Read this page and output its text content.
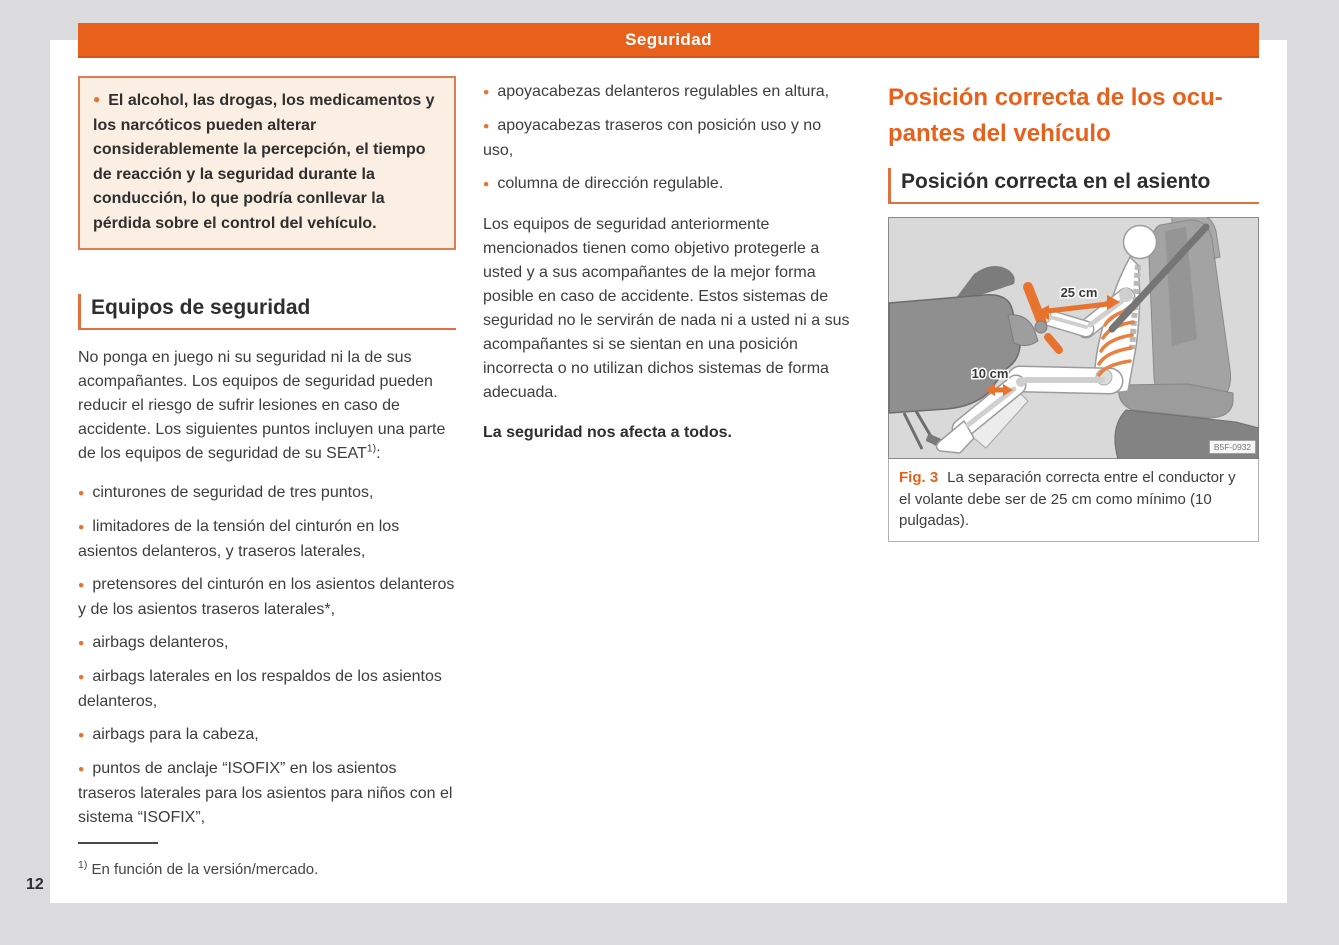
Seguridad
● El alcohol, las drogas, los medicamentos y los narcóticos pueden alterar considerablemente la percepción, el tiempo de reacción y la seguridad durante la conducción, lo que podría conllevar la pérdida sobre el control del vehículo.
Equipos de seguridad

No ponga en juego ni su seguridad ni la de sus acompañantes. Los equipos de seguridad pueden reducir el riesgo de sufrir lesiones en caso de accidente. Los siguientes puntos incluyen una parte de los equipos de seguridad de su SEAT$^{1)}$:

● cinturones de seguridad de tres puntos,
● limitadores de la tensión del cinturón en los asientos delanteros, y traseros laterales,
● pretensores del cinturón en los asientos delanteros y de los asientos traseros laterales*,
● airbags delanteros,
● airbags laterales en los respaldos de los asientos delanteros,
● airbags para la cabeza,
● puntos de anclaje “ISOFIX” en los asientos traseros laterales para los asientos para niños con el sistema “ISOFIX”,

$^{1)}$ En función de la versión/mercado.

● apoyacabezas delanteros regulables en altura,
● apoyacabezas traseros con posición uso y no uso,
● columna de dirección regulable.

Los equipos de seguridad anteriormente mencionados tienen como objetivo protegerle a usted y a sus acompañantes de la mejor forma posible en caso de accidente. Estos sistemas de seguridad no le servirán de nada ni a usted ni a sus acompañantes si se sientan en una posición incorrecta o no utilizan dichos sistemas de forma adecuada.

La seguridad nos afecta a todos.

Posición correcta de los ocu-
pantes del vehículo
Posición correcta en el asiento
25 cm
10 cm
B5F-0932
Fig. 3 La separación correcta entre el conductor y el volante debe ser de 25 cm como mínimo (10 pulgadas).
12
